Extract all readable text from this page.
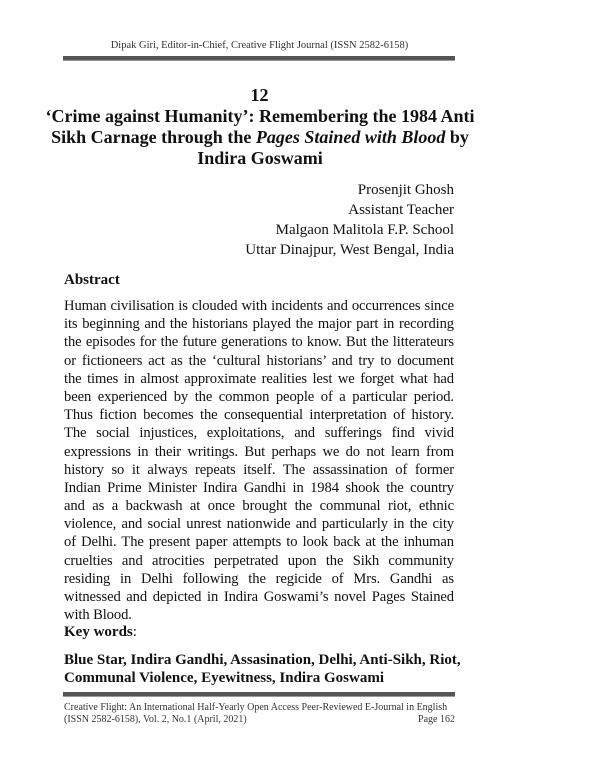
Dipak Giri, Editor-in-Chief, Creative Flight Journal (ISSN 2582-6158)
12
‘Crime against Humanity’: Remembering the 1984 Anti Sikh Carnage through the Pages Stained with Blood by Indira Goswami
Prosenjit Ghosh
Assistant Teacher
Malgaon Malitola F.P. School
Uttar Dinajpur, West Bengal, India
Abstract
Human civilisation is clouded with incidents and occurrences since
its beginning and the historians played the major part in recording
the episodes for the future generations to know. But the litterateurs
or fictioneers act as the ‘cultural historians’ and try to document
the times in almost approximate realities lest we forget what had
been experienced by the common people of a particular period.
Thus fiction becomes the consequential interpretation of history.
The social injustices, exploitations, and sufferings find vivid
expressions in their writings. But perhaps we do not learn from
history so it always repeats itself. The assassination of former
Indian Prime Minister Indira Gandhi in 1984 shook the country
and as a backwash at once brought the communal riot, ethnic
violence, and social unrest nationwide and particularly in the city
of Delhi. The present paper attempts to look back at the inhuman
cruelties and atrocities perpetrated upon the Sikh community
residing in Delhi following the regicide of Mrs. Gandhi as
witnessed and depicted in Indira Goswami’s novel Pages Stained
with Blood.
Key words:
Blue Star, Indira Gandhi, Assasination, Delhi, Anti-Sikh, Riot,
Communal Violence, Eyewitness, Indira Goswami
Creative Flight: An International Half-Yearly Open Access Peer-Reviewed E-Journal in English
(ISSN 2582-6158), Vol. 2, No.1 (April, 2021)	Page 162
